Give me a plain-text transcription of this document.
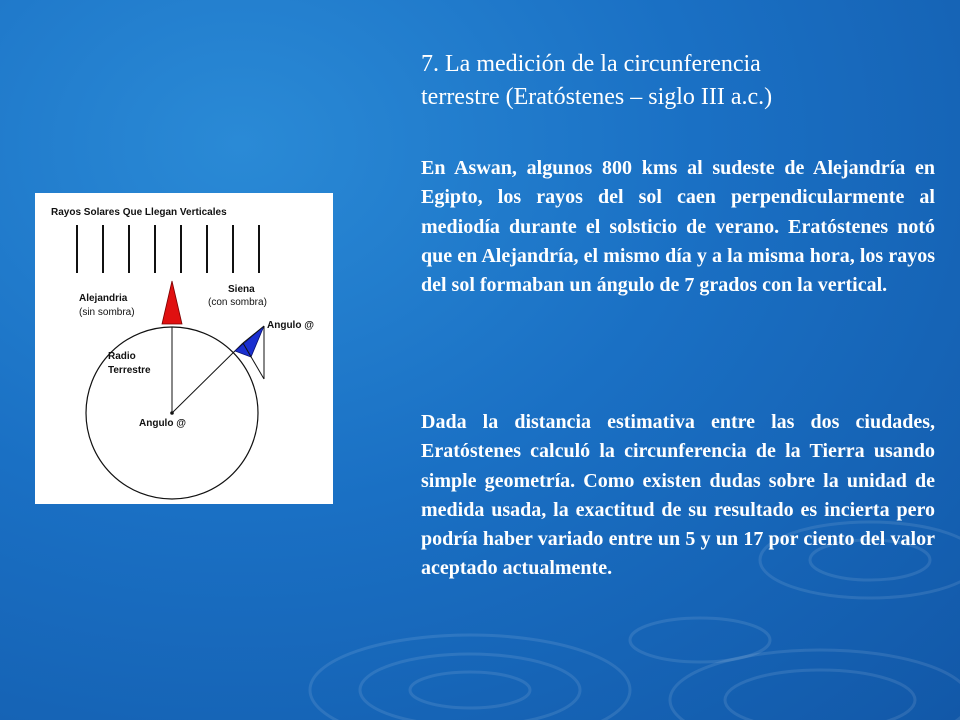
Rayos Solares Que Llegan Verticales
Alejandria
(sin sombra)
Siena
(con sombra)
Angulo @
Radio
Terrestre
Angulo @
7. La medición de la circunferencia
terrestre (Eratóstenes – siglo III a.c.)

En Aswan, algunos 800 kms al sudeste de Alejandría en Egipto, los rayos del sol caen perpendicularmente al mediodía durante el solsticio de verano. Eratóstenes notó que en Alejandría, el mismo día y a la misma hora, los rayos del sol formaban un ángulo de 7 grados con la vertical.

Dada la distancia estimativa entre las dos ciudades, Eratóstenes calculó la circunferencia de la Tierra usando simple geometría. Como existen dudas sobre la unidad de medida usada, la exactitud de su resultado es incierta pero podría haber variado entre un 5 y un 17 por ciento del valor aceptado actualmente.
